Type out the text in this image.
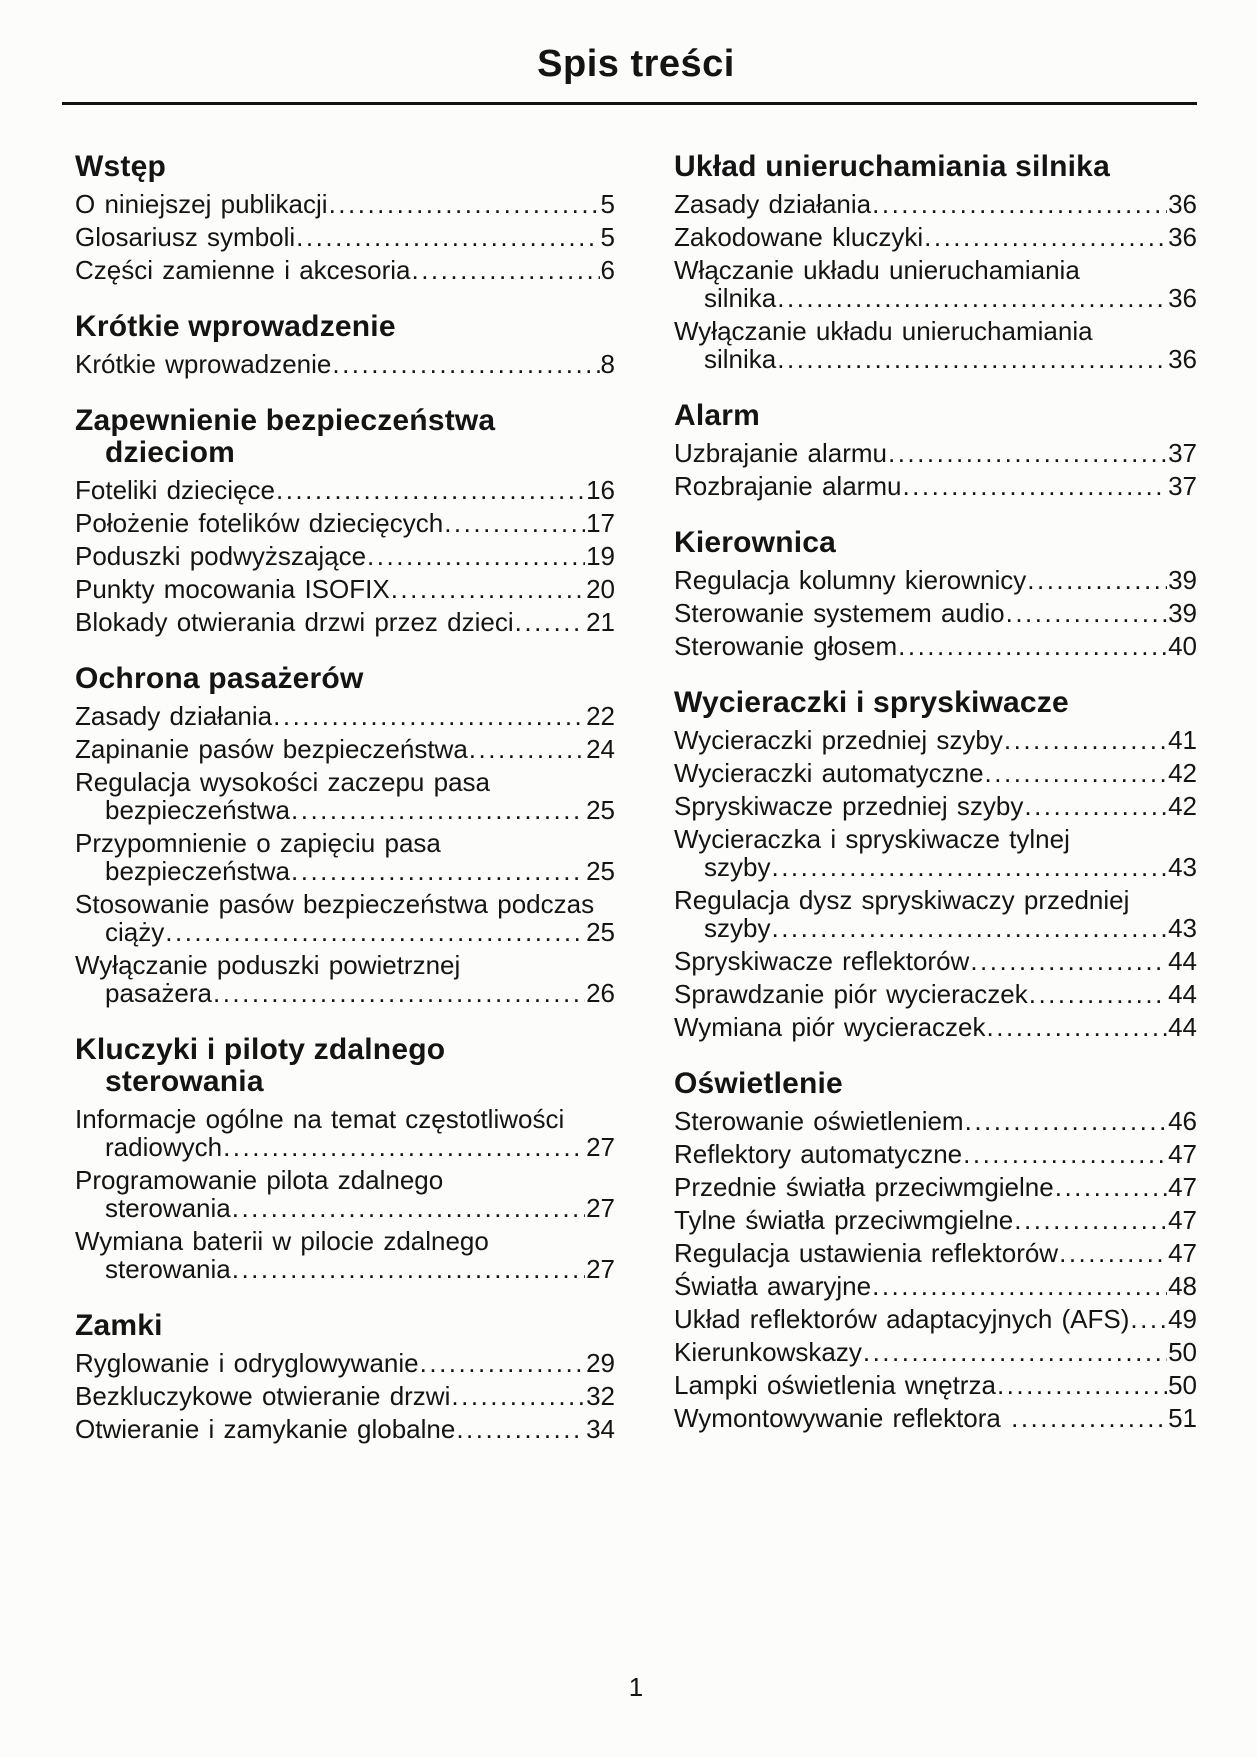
Spis treści
Wstęp
O niniejszej publikacji .....	5
Glosariusz symboli .....	5
Części zamienne i akcesoria .....	6
Krótkie wprowadzenie
Krótkie wprowadzenie .....	8
Zapewnienie bezpieczeństwa
dzieciom
Foteliki dziecięce .....	16
Położenie fotelików dziecięcych .....	17
Poduszki podwyższające .....	19
Punkty mocowania ISOFIX .....	20
Blokady otwierania drzwi przez dzieci .....	21
Ochrona pasażerów
Zasady działania .....	22
Zapinanie pasów bezpieczeństwa .....	24
Regulacja wysokości zaczepu pasa
bezpieczeństwa .....	25
Przypomnienie o zapięciu pasa
bezpieczeństwa .....	25
Stosowanie pasów bezpieczeństwa podczas
ciąży .....	25
Wyłączanie poduszki powietrznej
pasażera .....	26
Kluczyki i piloty zdalnego
sterowania
Informacje ogólne na temat częstotliwości
radiowych .....	27
Programowanie pilota zdalnego
sterowania .....	27
Wymiana baterii w pilocie zdalnego
sterowania .....	27
Zamki
Ryglowanie i odryglowywanie .....	29
Bezkluczykowe otwieranie drzwi .....	32
Otwieranie i zamykanie globalne .....	34
Układ unieruchamiania silnika
Zasady działania .....	36
Zakodowane kluczyki .....	36
Włączanie układu unieruchamiania
silnika .....	36
Wyłączanie układu unieruchamiania
silnika .....	36
Alarm
Uzbrajanie alarmu .....	37
Rozbrajanie alarmu .....	37
Kierownica
Regulacja kolumny kierownicy .....	39
Sterowanie systemem audio .....	39
Sterowanie głosem .....	40
Wycieraczki i spryskiwacze
Wycieraczki przedniej szyby .....	41
Wycieraczki automatyczne .....	42
Spryskiwacze przedniej szyby .....	42
Wycieraczka i spryskiwacze tylnej
szyby .....	43
Regulacja dysz spryskiwaczy przedniej
szyby .....	43
Spryskiwacze reflektorów .....	44
Sprawdzanie piór wycieraczek .....	44
Wymiana piór wycieraczek .....	44
Oświetlenie
Sterowanie oświetleniem .....	46
Reflektory automatyczne .....	47
Przednie światła przeciwmgielne .....	47
Tylne światła przeciwmgielne .....	47
Regulacja ustawienia reflektorów .....	47
Światła awaryjne .....	48
Układ reflektorów adaptacyjnych (AFS) ..... 49
Kierunkowskazy .....	50
Lampki oświetlenia wnętrza .....	50
Wymontowywanie reflektora .....	51
1
